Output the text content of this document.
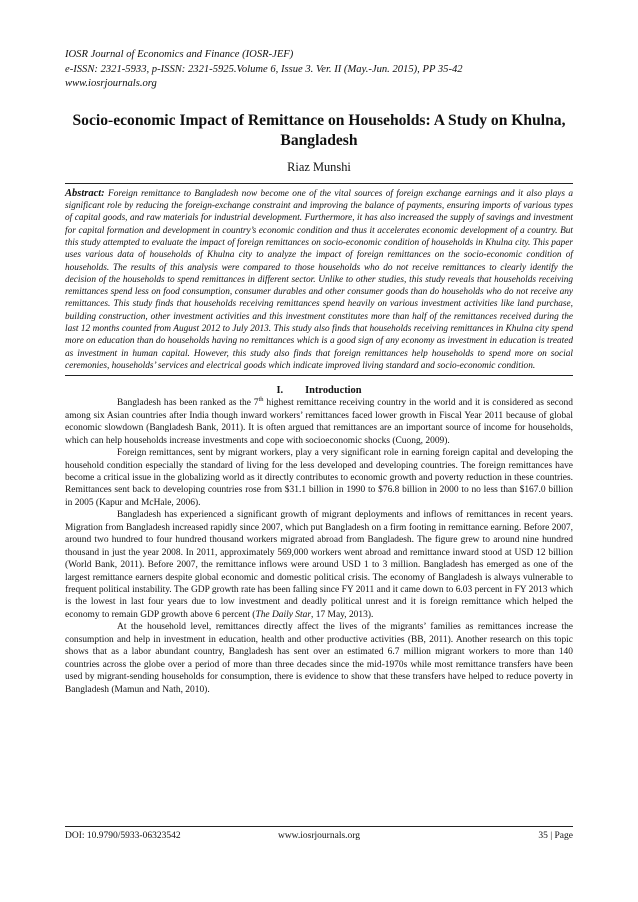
IOSR Journal of Economics and Finance (IOSR-JEF)
e-ISSN: 2321-5933, p-ISSN: 2321-5925.Volume 6, Issue 3. Ver. II (May.-Jun. 2015), PP 35-42
www.iosrjournals.org
Socio-economic Impact of Remittance on Households: A Study on Khulna, Bangladesh
Riaz Munshi
Abstract: Foreign remittance to Bangladesh now become one of the vital sources of foreign exchange earnings and it also plays a significant role by reducing the foreign-exchange constraint and improving the balance of payments, ensuring imports of various types of capital goods, and raw materials for industrial development. Furthermore, it has also increased the supply of savings and investment for capital formation and development in country’s economic condition and thus it accelerates economic development of a country. But this study attempted to evaluate the impact of foreign remittances on socio-economic condition of households in Khulna city. This paper uses various data of households of Khulna city to analyze the impact of foreign remittances on the socio-economic condition of households. The results of this analysis were compared to those households who do not receive remittances to clearly identify the decision of the households to spend remittances in different sector. Unlike to other studies, this study reveals that households receiving remittances spend less on food consumption, consumer durables and other consumer goods than do households who do not receive any remittances. This study finds that households receiving remittances spend heavily on various investment activities like land purchase, building construction, other investment activities and this investment constitutes more than half of the remittances received during the last 12 months counted from August 2012 to July 2013. This study also finds that households receiving remittances in Khulna city spend more on education than do households having no remittances which is a good sign of any economy as investment in education is treated as investment in human capital. However, this study also finds that foreign remittances help households to spend more on social ceremonies, households’ services and electrical goods which indicate improved living standard and socio-economic condition.
I. Introduction

Bangladesh has been ranked as the 7th highest remittance receiving country in the world and it is considered as second among six Asian countries after India though inward workers’ remittances faced lower growth in Fiscal Year 2011 because of global economic slowdown (Bangladesh Bank, 2011). It is often argued that remittances are an important source of income for households, which can help households increase investments and cope with socioeconomic shocks (Cuong, 2009).

Foreign remittances, sent by migrant workers, play a very significant role in earning foreign capital and developing the household condition especially the standard of living for the less developed and developing countries. The foreign remittances have become a critical issue in the globalizing world as it directly contributes to economic growth and poverty reduction in these countries. Remittances sent back to developing countries rose from $31.1 billion in 1990 to $76.8 billion in 2000 to no less than $167.0 billion in 2005 (Kapur and McHale, 2006).

Bangladesh has experienced a significant growth of migrant deployments and inflows of remittances in recent years. Migration from Bangladesh increased rapidly since 2007, which put Bangladesh on a firm footing in remittance earning. Before 2007, around two hundred to four hundred thousand workers migrated abroad from Bangladesh. The figure grew to around nine hundred thousand in just the year 2008. In 2011, approximately 569,000 workers went abroad and remittance inward stood at USD 12 billion (World Bank, 2011). Before 2007, the remittance inflows were around USD 1 to 3 million. Bangladesh has emerged as one of the largest remittance earners despite global economic and domestic political crisis. The economy of Bangladesh is always vulnerable to frequent political instability. The GDP growth rate has been falling since FY 2011 and it came down to 6.03 percent in FY 2013 which is the lowest in last four years due to low investment and deadly political unrest and it is foreign remittance which helped the economy to remain GDP growth above 6 percent (The Daily Star, 17 May, 2013).

At the household level, remittances directly affect the lives of the migrants’ families as remittances increase the consumption and help in investment in education, health and other productive activities (BB, 2011). Another research on this topic shows that as a labor abundant country, Bangladesh has sent over an estimated 6.7 million migrant workers to more than 140 countries across the globe over a period of more than three decades since the mid-1970s while most remittance transfers have been used by migrant-sending households for consumption, there is evidence to show that these transfers have helped to reduce poverty in Bangladesh (Mamun and Nath, 2010).

DOI: 10.9790/5933-06323542	www.iosrjournals.org	35 | Page
